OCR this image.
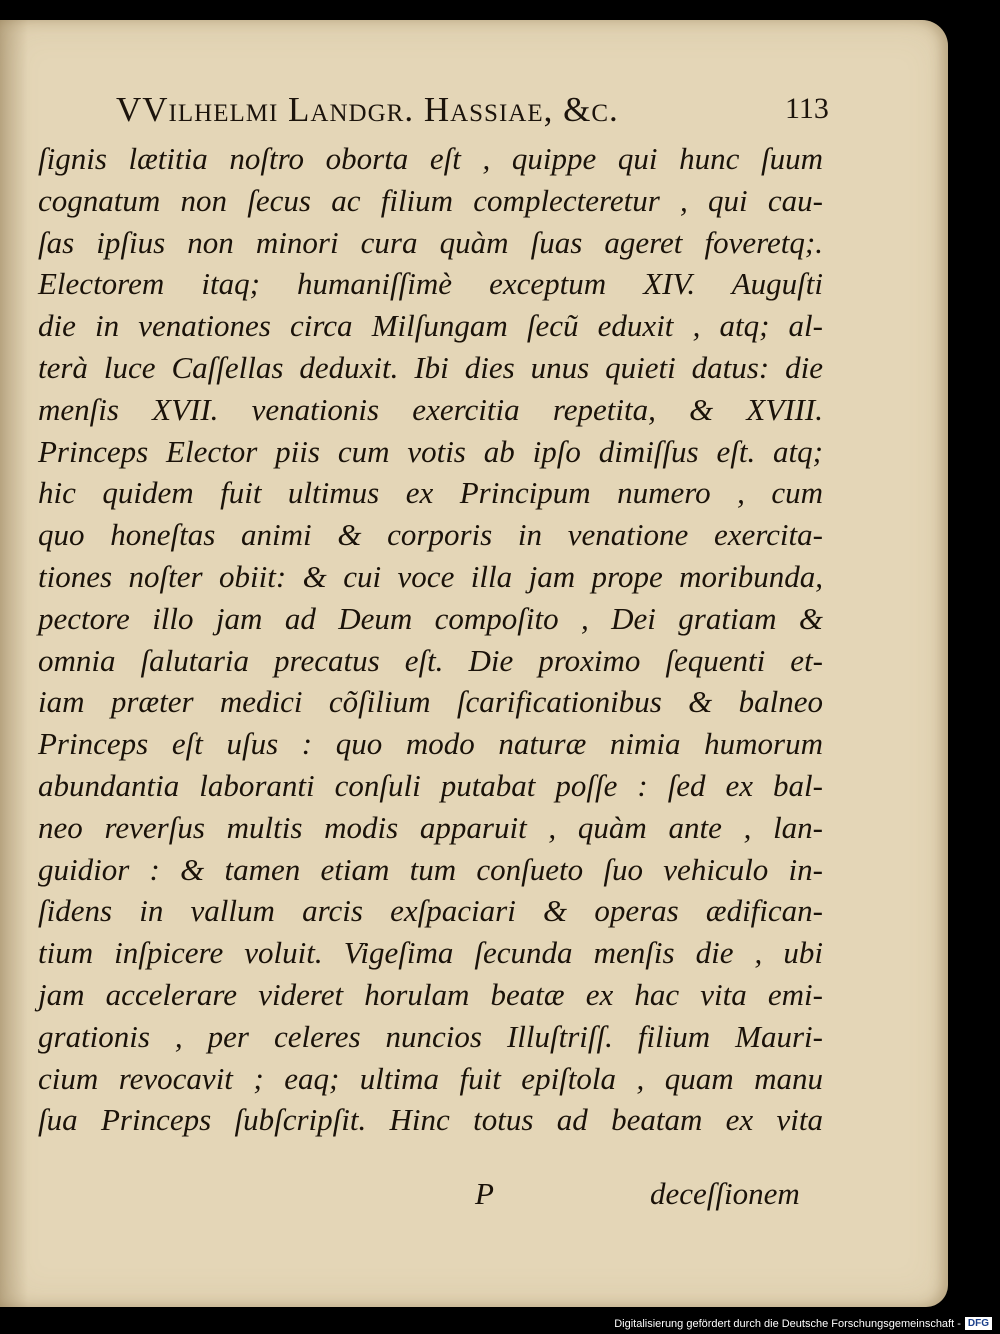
VVilhelmi Landgr. Hassiae, &c.	113
ſignis lætitia noſtro oborta eſt , quippe qui hunc ſuum
cognatum non ſecus ac filium complecteretur , qui cau-
ſas ipſius non minori cura quàm ſuas ageret foveretq;.
Electorem itaq; humaniſſimè exceptum XIV. Auguſti
die in venationes circa Milſungam ſecũ eduxit , atq; al-
terà luce Caſſellas deduxit. Ibi dies unus quieti datus: die
menſis XVII. venationis exercitia repetita, & XVIII.
Princeps Elector piis cum votis ab ipſo dimiſſus eſt. atq;
hic quidem fuit ultimus ex Principum numero , cum
quo honeſtas animi & corporis in venatione exercita-
tiones noſter obiit: & cui voce illa jam prope moribunda,
pectore illo jam ad Deum compoſito , Dei gratiam &
omnia ſalutaria precatus eſt. Die proximo ſequenti et-
iam præter medici cõſilium ſcarificationibus & balneo
Princeps eſt uſus : quo modo naturæ nimia humorum
abundantia laboranti conſuli putabat poſſe : ſed ex bal-
neo reverſus multis modis apparuit , quàm ante , lan-
guidior : & tamen etiam tum conſueto ſuo vehiculo in-
ſidens in vallum arcis exſpaciari & operas ædifican-
tium inſpicere voluit. Vigeſima ſecunda menſis die , ubi
jam accelerare videret horulam beatæ ex hac vita emi-
grationis , per celeres nuncios Illuſtriſſ. filium Mauri-
cium revocavit ; eaq; ultima fuit epiſtola , quam manu
ſua Princeps ſubſcripſit. Hinc totus ad beatam ex vita
P	deceſſionem
Digitalisierung gefördert durch die Deutsche Forschungsgemeinschaft - DFG
